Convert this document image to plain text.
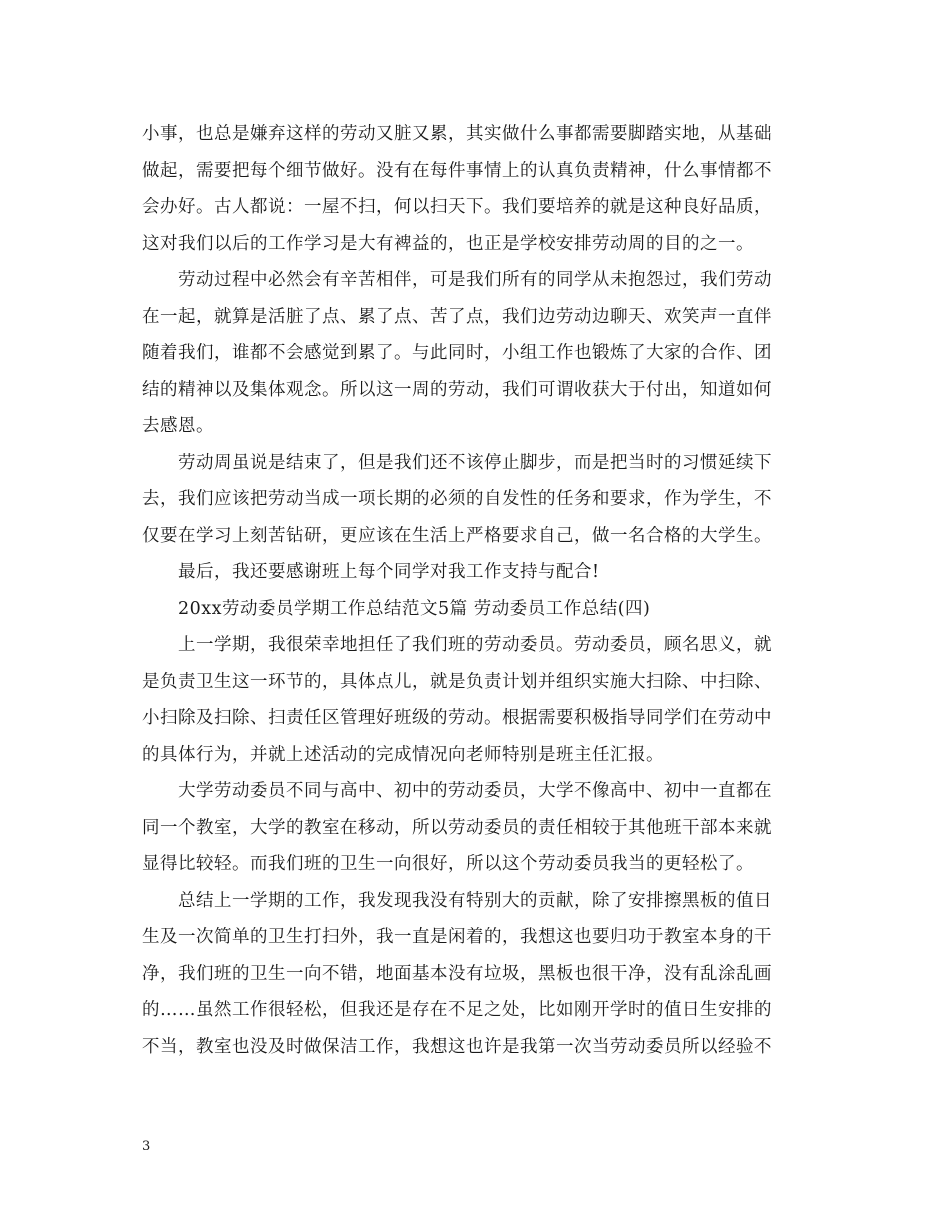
小事，也总是嫌弃这样的劳动又脏又累，其实做什么事都需要脚踏实地，从基础
做起，需要把每个细节做好。没有在每件事情上的认真负责精神，什么事情都不
会办好。古人都说：一屋不扫，何以扫天下。我们要培养的就是这种良好品质，
这对我们以后的工作学习是大有裨益的，也正是学校安排劳动周的目的之一。
劳动过程中必然会有辛苦相伴，可是我们所有的同学从未抱怨过，我们劳动
在一起，就算是活脏了点、累了点、苦了点，我们边劳动边聊天、欢笑声一直伴
随着我们，谁都不会感觉到累了。与此同时，小组工作也锻炼了大家的合作、团
结的精神以及集体观念。所以这一周的劳动，我们可谓收获大于付出，知道如何
去感恩。
劳动周虽说是结束了，但是我们还不该停止脚步，而是把当时的习惯延续下
去，我们应该把劳动当成一项长期的必须的自发性的任务和要求，作为学生，不
仅要在学习上刻苦钻研，更应该在生活上严格要求自己，做一名合格的大学生。
最后，我还要感谢班上每个同学对我工作支持与配合!
20xx劳动委员学期工作总结范文5篇 劳动委员工作总结(四)
上一学期，我很荣幸地担任了我们班的劳动委员。劳动委员，顾名思义，就
是负责卫生这一环节的，具体点儿，就是负责计划并组织实施大扫除、中扫除、
小扫除及扫除、扫责任区管理好班级的劳动。根据需要积极指导同学们在劳动中
的具体行为，并就上述活动的完成情况向老师特别是班主任汇报。
大学劳动委员不同与高中、初中的劳动委员，大学不像高中、初中一直都在
同一个教室，大学的教室在移动，所以劳动委员的责任相较于其他班干部本来就
显得比较轻。而我们班的卫生一向很好，所以这个劳动委员我当的更轻松了。
总结上一学期的工作，我发现我没有特别大的贡献，除了安排擦黑板的值日
生及一次简单的卫生打扫外，我一直是闲着的，我想这也要归功于教室本身的干
净，我们班的卫生一向不错，地面基本没有垃圾，黑板也很干净，没有乱涂乱画
的……虽然工作很轻松，但我还是存在不足之处，比如刚开学时的值日生安排的
不当，教室也没及时做保洁工作，我想这也许是我第一次当劳动委员所以经验不
3
